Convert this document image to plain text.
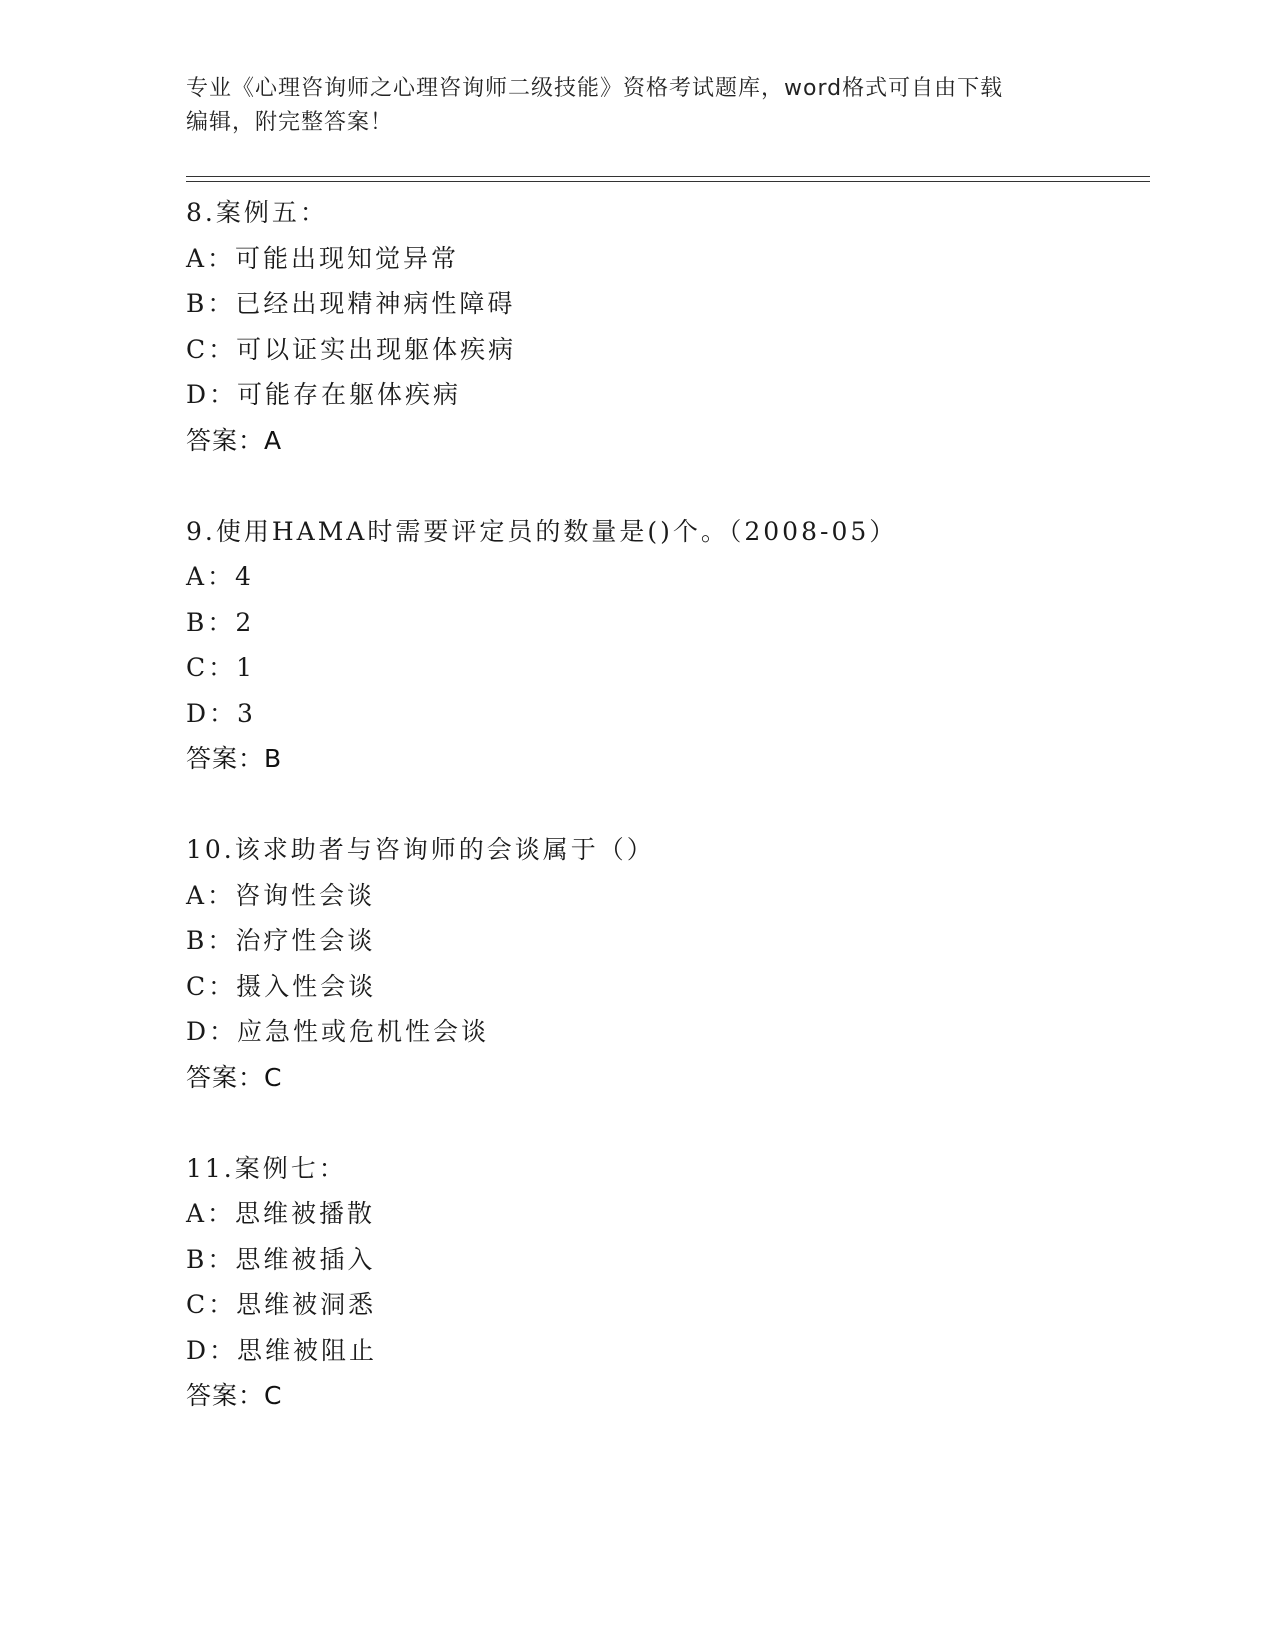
专业《心理咨询师之心理咨询师二级技能》资格考试题库，word格式可自由下载
编辑，附完整答案！
8.案例五：
A：可能出现知觉异常
B：已经出现精神病性障碍
C：可以证实出现躯体疾病
D：可能存在躯体疾病
答案：A
9.使用HAMA时需要评定员的数量是()个。（2008-05）
A：4
B：2
C：1
D：3
答案：B
10.该求助者与咨询师的会谈属于（）
A：咨询性会谈
B：治疗性会谈
C：摄入性会谈
D：应急性或危机性会谈
答案：C
11.案例七：
A：思维被播散
B：思维被插入
C：思维被洞悉
D：思维被阻止
答案：C
